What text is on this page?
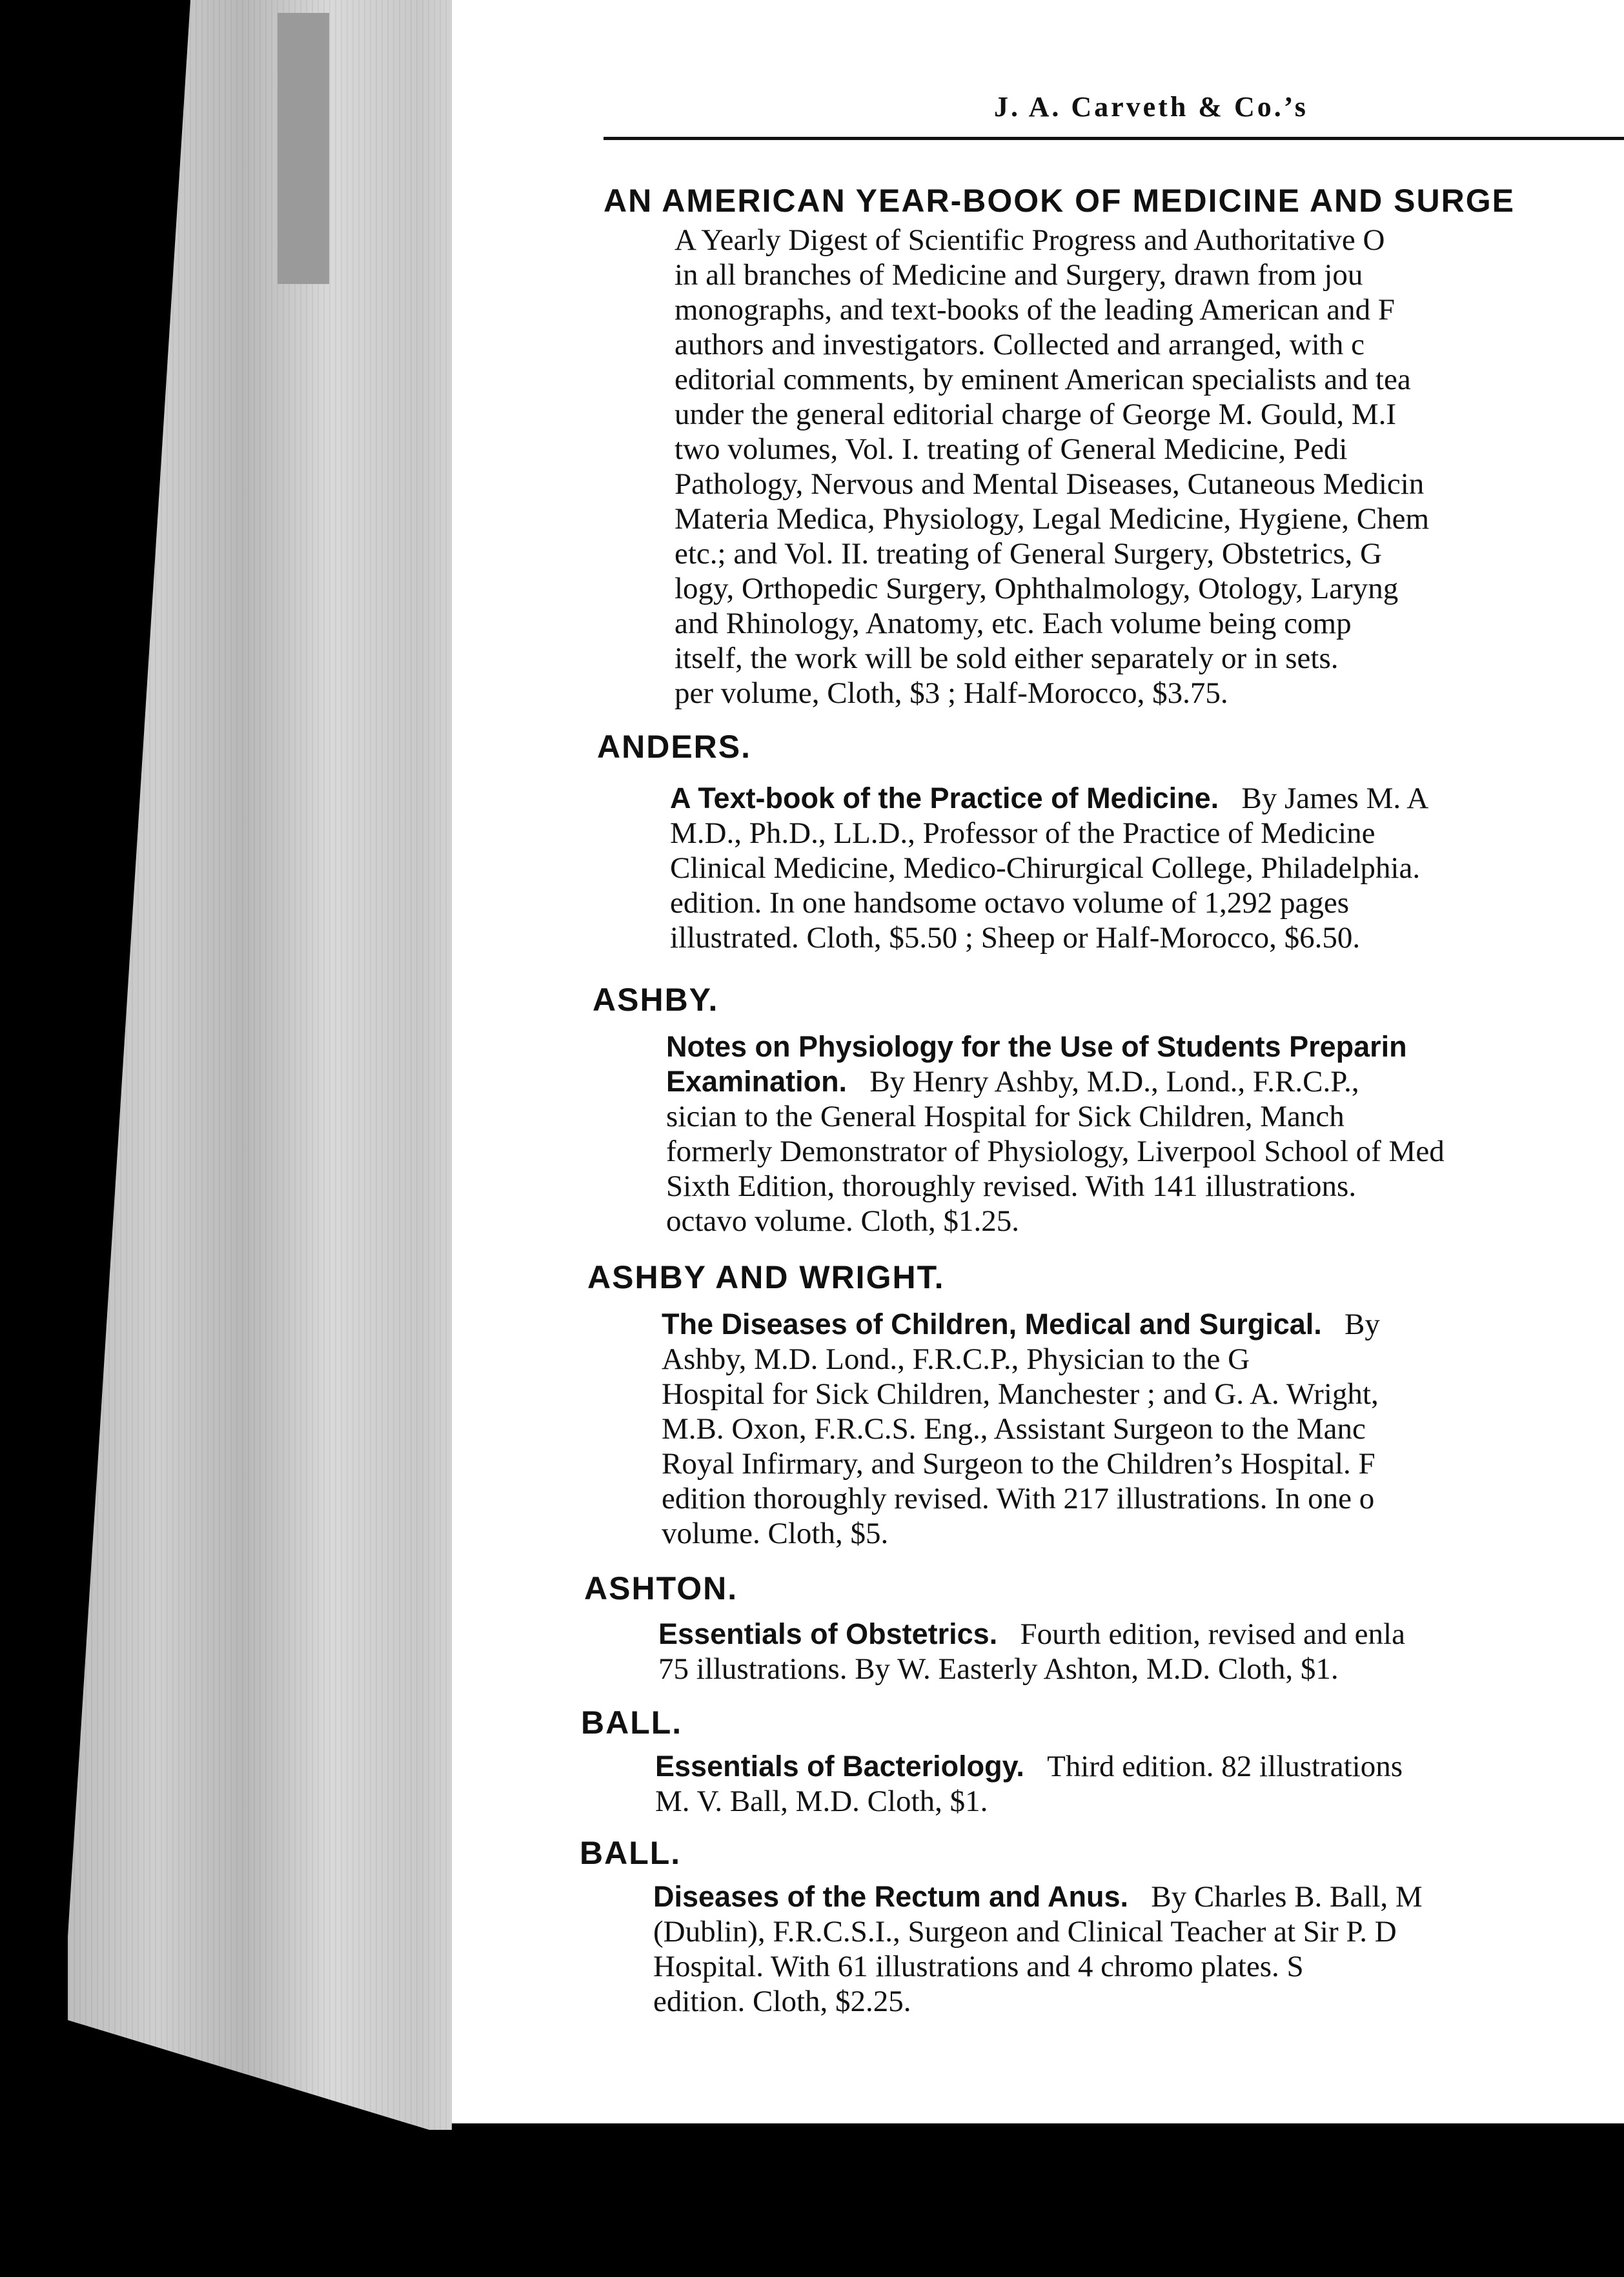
J. A. Carveth & Co.’s
AN AMERICAN YEAR-BOOK OF MEDICINE AND SURGE
A Yearly Digest of Scientific Progress and Authoritative O
in all branches of Medicine and Surgery, drawn from jou
monographs, and text-books of the leading American and F
authors and investigators. Collected and arranged, with c
editorial comments, by eminent American specialists and tea
under the general editorial charge of George M. Gould, M.I
two volumes, Vol. I. treating of General Medicine, Pedi
Pathology, Nervous and Mental Diseases, Cutaneous Medicin
Materia Medica, Physiology, Legal Medicine, Hygiene, Chem
etc.; and Vol. II. treating of General Surgery, Obstetrics, G
logy, Orthopedic Surgery, Ophthalmology, Otology, Laryng
and Rhinology, Anatomy, etc. Each volume being comp
itself, the work will be sold either separately or in sets.
per volume, Cloth, $3 ; Half-Morocco, $3.75.
ANDERS.
A Text-book of the Practice of Medicine. By James M. A
M.D., Ph.D., LL.D., Professor of the Practice of Medicine
Clinical Medicine, Medico-Chirurgical College, Philadelphia.
edition. In one handsome octavo volume of 1,292 pages
illustrated. Cloth, $5.50 ; Sheep or Half-Morocco, $6.50.
ASHBY.
Notes on Physiology for the Use of Students Preparin
Examination. By Henry Ashby, M.D., Lond., F.R.C.P.,
sician to the General Hospital for Sick Children, Manch
formerly Demonstrator of Physiology, Liverpool School of Med
Sixth Edition, thoroughly revised. With 141 illustrations.
octavo volume. Cloth, $1.25.
ASHBY AND WRIGHT.
The Diseases of Children, Medical and Surgical. By
Ashby, M.D. Lond., F.R.C.P., Physician to the G
Hospital for Sick Children, Manchester ; and G. A. Wright,
M.B. Oxon, F.R.C.S. Eng., Assistant Surgeon to the Manc
Royal Infirmary, and Surgeon to the Children’s Hospital. F
edition thoroughly revised. With 217 illustrations. In one o
volume. Cloth, $5.
ASHTON.
Essentials of Obstetrics. Fourth edition, revised and enla
75 illustrations. By W. Easterly Ashton, M.D. Cloth, $1.
BALL.
Essentials of Bacteriology. Third edition. 82 illustrations
M. V. Ball, M.D. Cloth, $1.
BALL.
Diseases of the Rectum and Anus. By Charles B. Ball, M
(Dublin), F.R.C.S.I., Surgeon and Clinical Teacher at Sir P. D
Hospital. With 61 illustrations and 4 chromo plates. S
edition. Cloth, $2.25.
